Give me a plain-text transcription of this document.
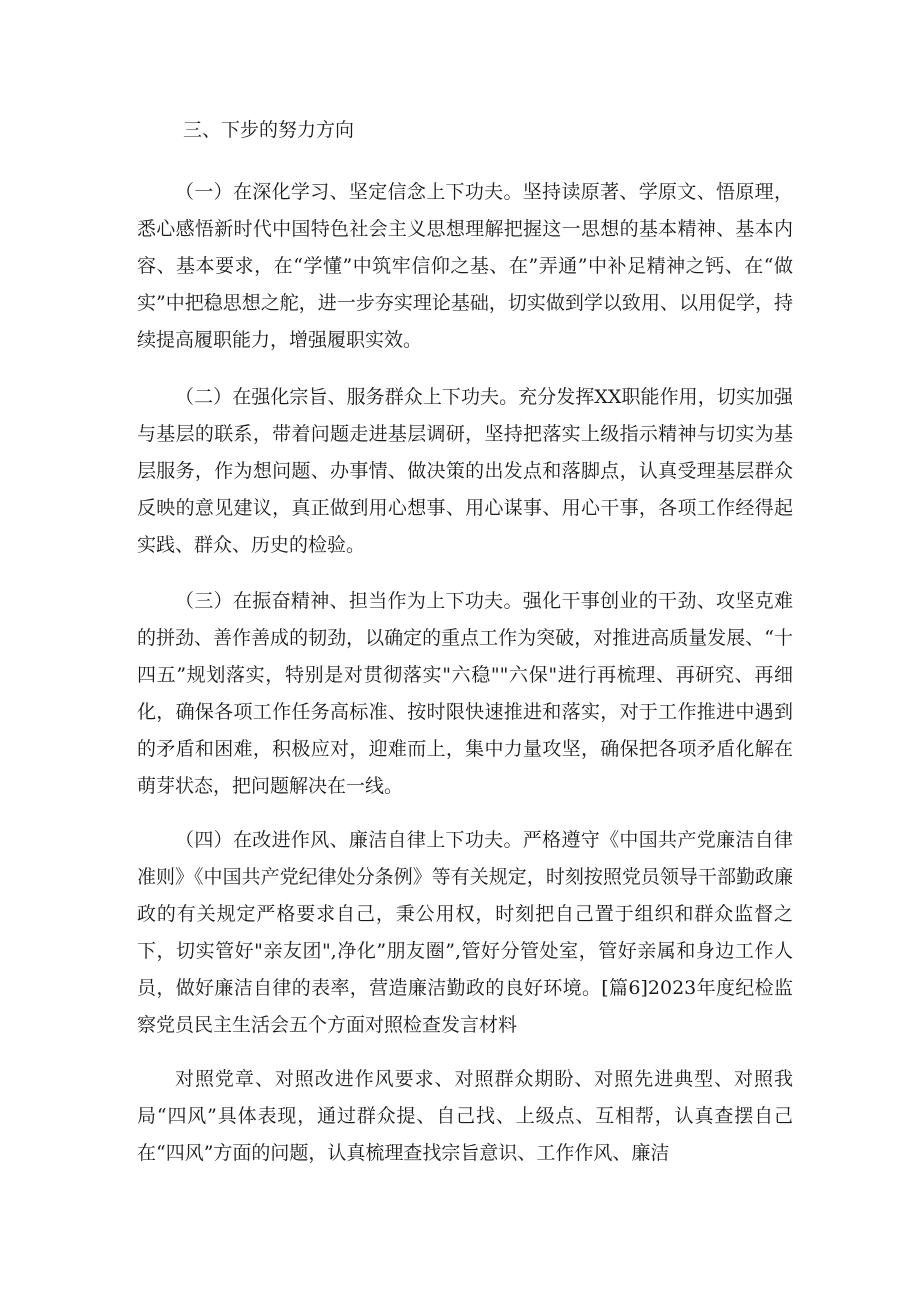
三、下步的努力方向

（一）在深化学习、坚定信念上下功夫。坚持读原著、学原文、悟原理，悉心感悟新时代中国特色社会主义思想理解把握这一思想的基本精神、基本内容、基本要求，在“学懂”中筑牢信仰之基、在”弄通”中补足精神之钙、在“做实”中把稳思想之舵，进一步夯实理论基础，切实做到学以致用、以用促学，持续提高履职能力，增强履职实效。

（二）在强化宗旨、服务群众上下功夫。充分发挥XX职能作用，切实加强与基层的联系，带着问题走进基层调研，坚持把落实上级指示精神与切实为基层服务，作为想问题、办事情、做决策的出发点和落脚点，认真受理基层群众反映的意见建议，真正做到用心想事、用心谋事、用心干事，各项工作经得起实践、群众、历史的检验。

（三）在振奋精神、担当作为上下功夫。强化干事创业的干劲、攻坚克难的拼劲、善作善成的韧劲，以确定的重点工作为突破，对推进高质量发展、“十四五”规划落实，特别是对贯彻落实"六稳""六保"进行再梳理、再研究、再细化，确保各项工作任务高标准、按时限快速推进和落实，对于工作推进中遇到的矛盾和困难，积极应对，迎难而上，集中力量攻坚，确保把各项矛盾化解在萌芽状态，把问题解决在一线。

（四）在改进作风、廉洁自律上下功夫。严格遵守《中国共产党廉洁自律准则》《中国共产党纪律处分条例》等有关规定，时刻按照党员领导干部勤政廉政的有关规定严格要求自己，秉公用权，时刻把自己置于组织和群众监督之下，切实管好"亲友团",净化”朋友圈”,管好分管处室，管好亲属和身边工作人员，做好廉洁自律的表率，营造廉洁勤政的良好环境。[篇6]2023年度纪检监察党员民主生活会五个方面对照检查发言材料

对照党章、对照改进作风要求、对照群众期盼、对照先进典型、对照我局“四风”具体表现，通过群众提、自己找、上级点、互相帮，认真查摆自己在“四风”方面的问题，认真梳理查找宗旨意识、工作作风、廉洁
